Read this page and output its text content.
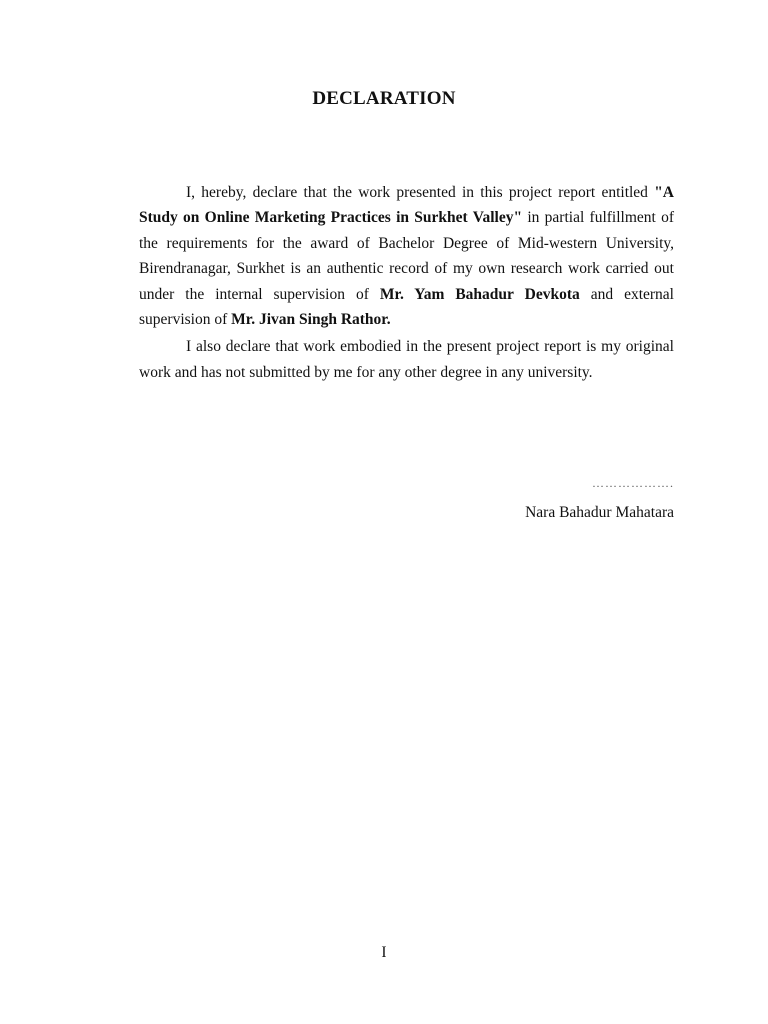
DECLARATION

I, hereby, declare that the work presented in this project report entitled "A Study on Online Marketing Practices in Surkhet Valley" in partial fulfillment of the requirements for the award of Bachelor Degree of Mid-western University, Birendranagar, Surkhet is an authentic record of my own research work carried out under the internal supervision of Mr. Yam Bahadur Devkota and external supervision of Mr. Jivan Singh Rathor.

I also declare that work embodied in the present project report is my original work and has not submitted by me for any other degree in any university.

……………….
Nara Bahadur Mahatara
I
